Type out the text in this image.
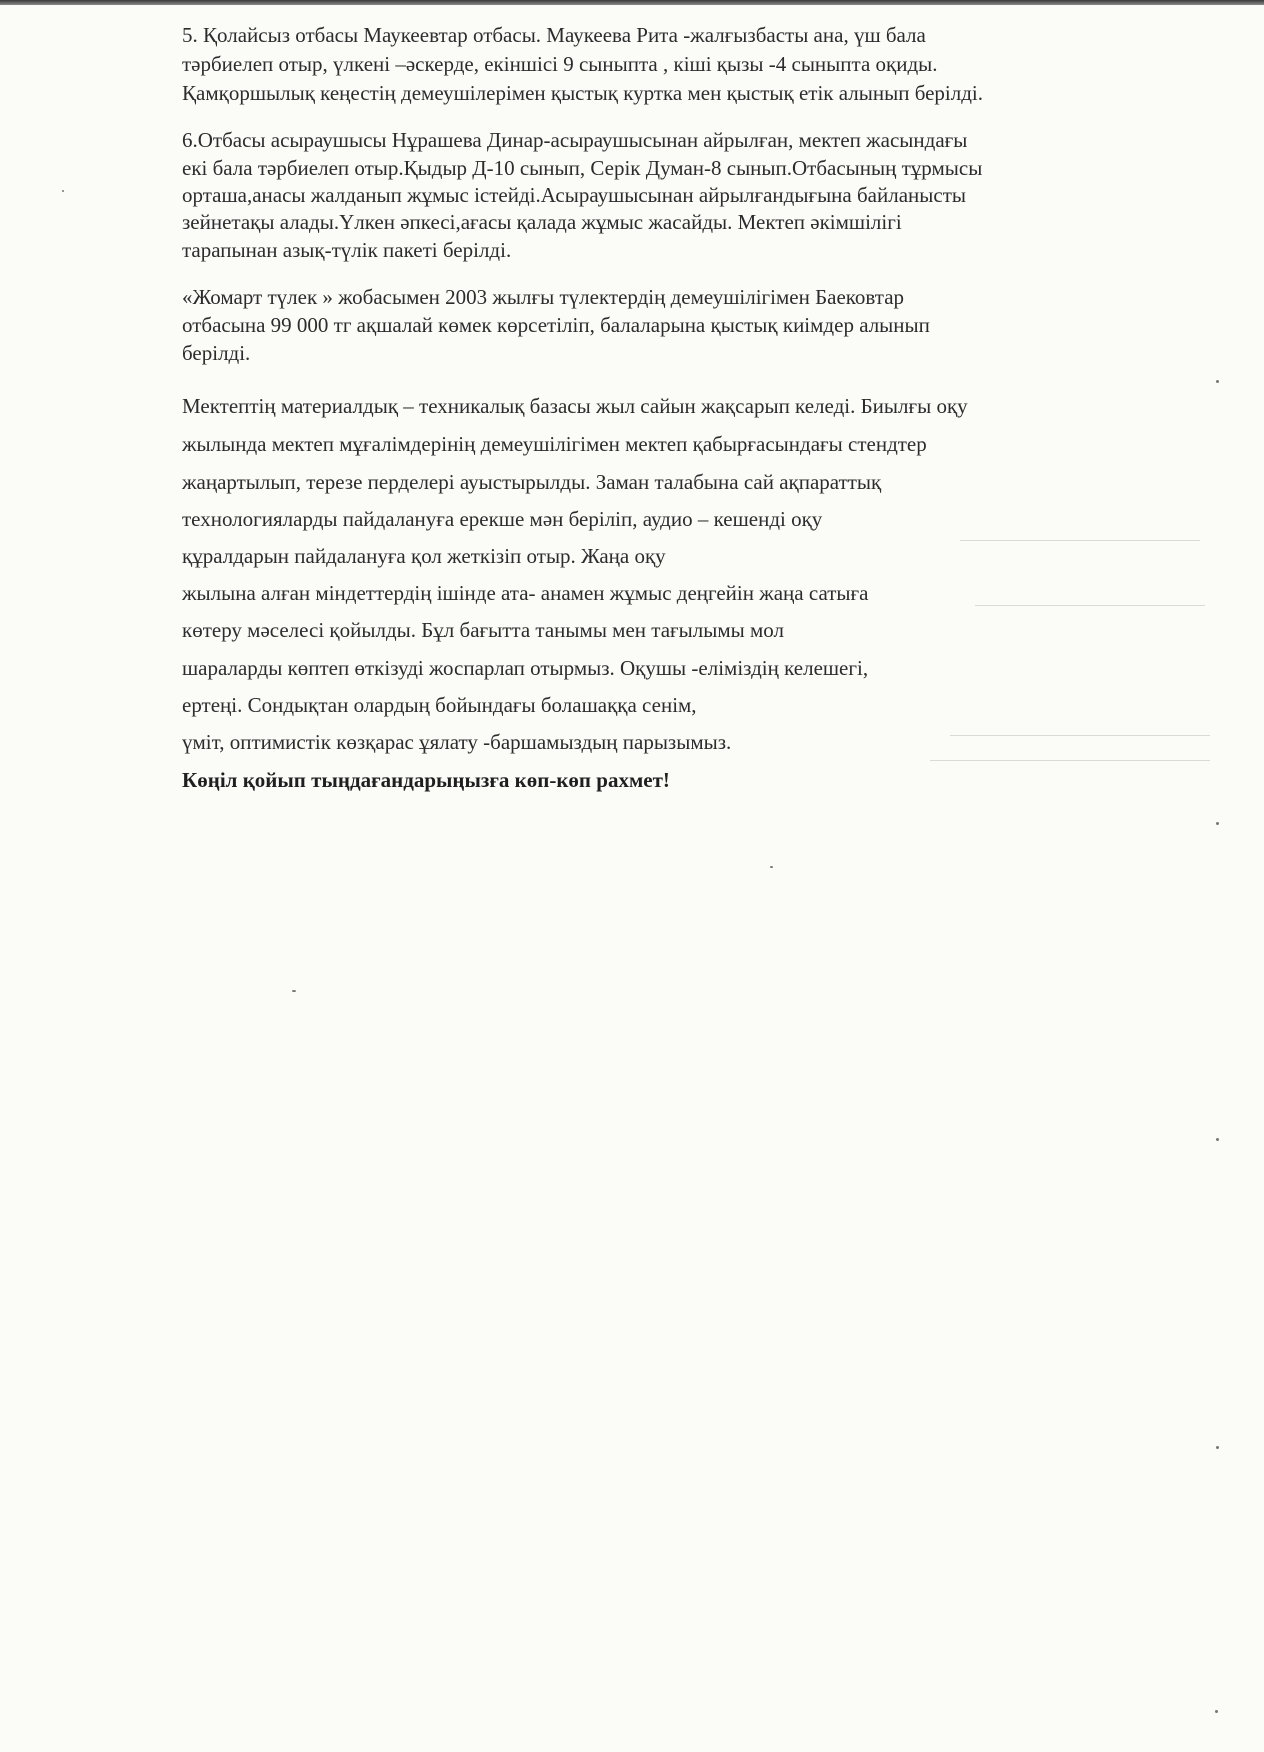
5. Қолайсыз отбасы Маукеевтар отбасы. Маукеева Рита -жалғызбасты ана, үш бала
тәрбиелеп отыр, үлкені –әскерде, екіншісі 9 сыныпта , кіші қызы -4 сыныпта оқиды.
Қамқоршылық кеңестің демеушілерімен қыстық куртка мен қыстық етік алынып берілді.
6.Отбасы асыраушысы Нұрашева Динар-асыраушысынан айрылған, мектеп жасындағы
екі бала тәрбиелеп отыр.Қыдыр Д-10 сынып, Серік Думан-8 сынып.Отбасының тұрмысы
орташа,анасы жалданып жұмыс істейді.Асыраушысынан айрылғандығына байланысты
зейнетақы алады.Үлкен әпкесі,ағасы қалада жұмыс жасайды. Мектеп әкімшілігі
тарапынан азық-түлік пакеті берілді.
«Жомарт түлек » жобасымен 2003 жылғы түлектердің демеушілігімен Баековтар
отбасына 99 000 тг ақшалай көмек көрсетіліп, балаларына қыстық киімдер алынып
берілді.
Мектептің материалдық – техникалық базасы жыл сайын жақсарып келеді. Биылғы оқу
жылында мектеп мұғалімдерінің демеушілігімен мектеп қабырғасындағы стендтер
жаңартылып, терезе перделері ауыстырылды. Заман талабына сай ақпараттық
технологияларды пайдалануға ерекше мән беріліп, аудио – кешенді оқу
құралдарын пайдалануға қол жеткізіп отыр. Жаңа оқу
жылына алған міндеттердің ішінде ата- анамен жұмыс деңгейін жаңа сатыға
көтеру мәселесі қойылды. Бұл бағытта танымы мен тағылымы мол
шараларды көптеп өткізуді жоспарлап отырмыз. Оқушы -еліміздің келешегі,
ертеңі. Сондықтан олардың бойындағы болашаққа сенім,
үміт, оптимистік көзқарас ұялату -баршамыздың парызымыз.
Көңіл қойып тыңдағандарыңызға көп-көп рахмет!
